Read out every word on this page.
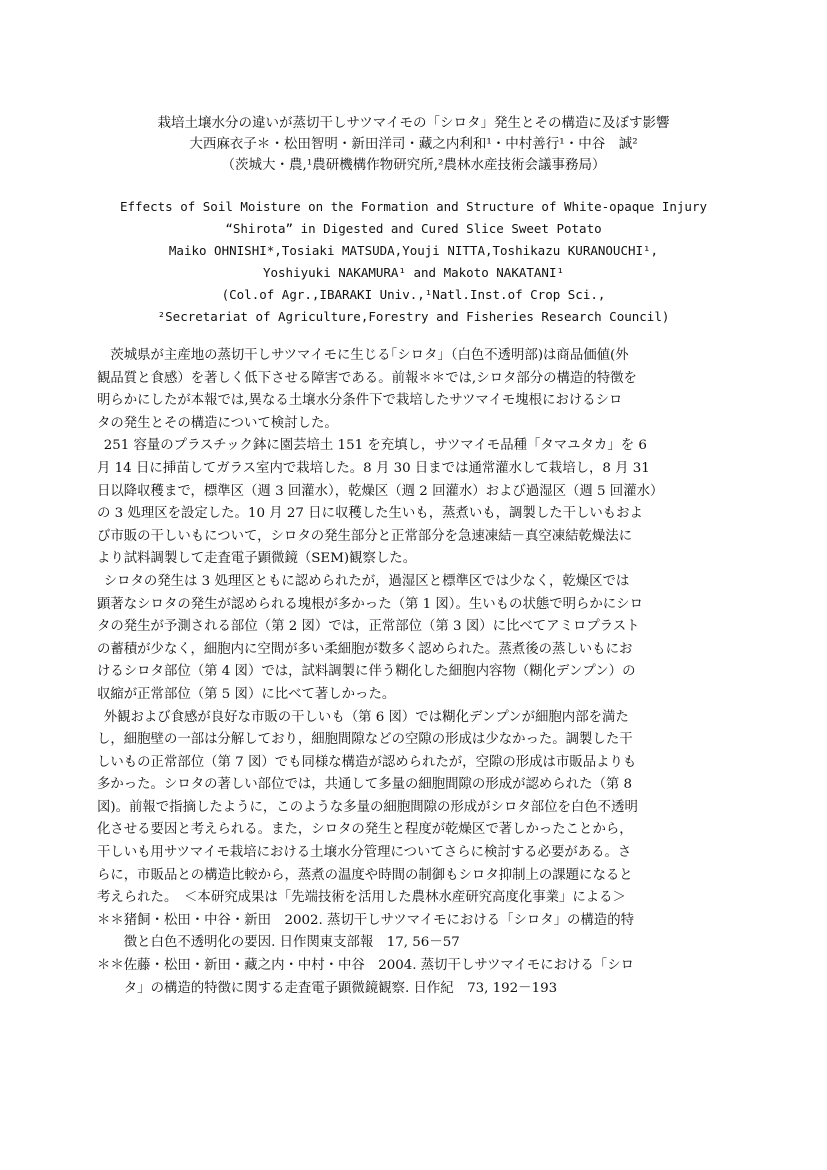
栽培土壌水分の違いが蒸切干しサツマイモの「シロタ」発生とその構造に及ぼす影響
大西麻衣子＊・松田智明・新田洋司・藏之内利和¹・中村善行¹・中谷　誠²
（茨城大・農,¹農研機構作物研究所,²農林水産技術会議事務局）
Effects of Soil Moisture on the Formation and Structure of White-opaque Injury
“Shirota” in Digested and Cured Slice Sweet Potato
Maiko OHNISHI*,Tosiaki MATSUDA,Youji NITTA,Toshikazu KURANOUCHI¹,
Yoshiyuki NAKAMURA¹ and Makoto NAKATANI¹
(Col.of Agr.,IBARAKI Univ.,¹Natl.Inst.of Crop Sci.,
²Secretariat of Agriculture,Forestry and Fisheries Research Council)
茨城県が主産地の蒸切干しサツマイモに生じる｢シロタ｣（白色不透明部)は商品価値(外
観品質と食感）を著しく低下させる障害である。前報＊＊では,シロタ部分の構造的特徴を
明らかにしたが本報では,異なる土壌水分条件下で栽培したサツマイモ塊根におけるシロ
タの発生とその構造について検討した。
251 容量のプラスチック鉢に園芸培土 151 を充填し，サツマイモ品種「タマユタカ」を 6
月 14 日に挿苗してガラス室内で栽培した。8 月 30 日までは通常灌水して栽培し，8 月 31
日以降収穫まで，標準区（週 3 回灌水），乾燥区（週 2 回灌水）および過湿区（週 5 回灌水）
の 3 処理区を設定した。10 月 27 日に収穫した生いも，蒸煮いも，調製した干しいもおよ
び市販の干しいもについて，シロタの発生部分と正常部分を急速凍結－真空凍結乾燥法に
より試料調製して走査電子顕微鏡（SEM)観察した。
シロタの発生は 3 処理区ともに認められたが，過湿区と標準区では少なく，乾燥区では
顕著なシロタの発生が認められる塊根が多かった（第 1 図）。生いもの状態で明らかにシロ
タの発生が予測される部位（第 2 図）では，正常部位（第 3 図）に比べてアミロプラスト
の蓄積が少なく，細胞内に空間が多い柔細胞が数多く認められた。蒸煮後の蒸しいもにお
けるシロタ部位（第 4 図）では，試料調製に伴う糊化した細胞内容物（糊化デンプン）の
収縮が正常部位（第 5 図）に比べて著しかった。
外観および食感が良好な市販の干しいも（第 6 図）では糊化デンプンが細胞内部を満た
し，細胞壁の一部は分解しており，細胞間隙などの空隙の形成は少なかった。調製した干
しいもの正常部位（第 7 図）でも同様な構造が認められたが，空隙の形成は市販品よりも
多かった。シロタの著しい部位では，共通して多量の細胞間隙の形成が認められた（第 8
図)。前報で指摘したように，このような多量の細胞間隙の形成がシロタ部位を白色不透明
化させる要因と考えられる。また，シロタの発生と程度が乾燥区で著しかったことから，
干しいも用サツマイモ栽培における土壌水分管理についてさらに検討する必要がある。さ
らに，市販品との構造比較から，蒸煮の温度や時間の制御もシロタ抑制上の課題になると
考えられた。　＜本研究成果は「先端技術を活用した農林水産研究高度化事業」による＞
＊＊猪飼・松田・中谷・新田　2002. 蒸切干しサツマイモにおける「シロタ」の構造的特
徴と白色不透明化の要因. 日作関東支部報　17, 56－57
＊＊佐藤・松田・新田・藏之内・中村・中谷　2004. 蒸切干しサツマイモにおける「シロ
タ」の構造的特徴に関する走査電子顕微鏡観察. 日作紀　73, 192－193
